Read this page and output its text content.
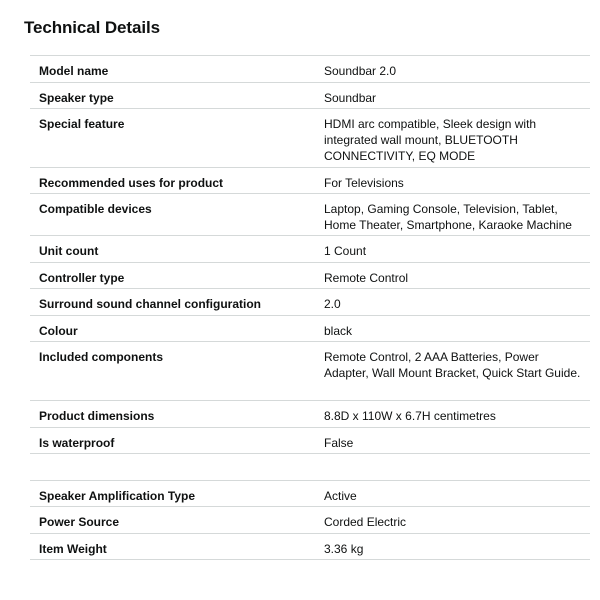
Technical Details
Model name	Soundbar 2.0
Speaker type	Soundbar
Special feature	HDMI arc compatible, Sleek design with integrated wall mount, BLUETOOTH CONNECTIVITY, EQ MODE
Recommended uses for product	For Televisions
Compatible devices	Laptop, Gaming Console, Television, Tablet, Home Theater, Smartphone, Karaoke Machine
Unit count	1 Count
Controller type	Remote Control
Surround sound channel configuration	2.0
Colour	black
Included components	Remote Control, 2 AAA Batteries, Power Adapter, Wall Mount Bracket, Quick Start Guide.
Product dimensions	8.8D x 110W x 6.7H centimetres
Is waterproof	False
Speaker Amplification Type	Active
Power Source	Corded Electric
Item Weight	3.36 kg
